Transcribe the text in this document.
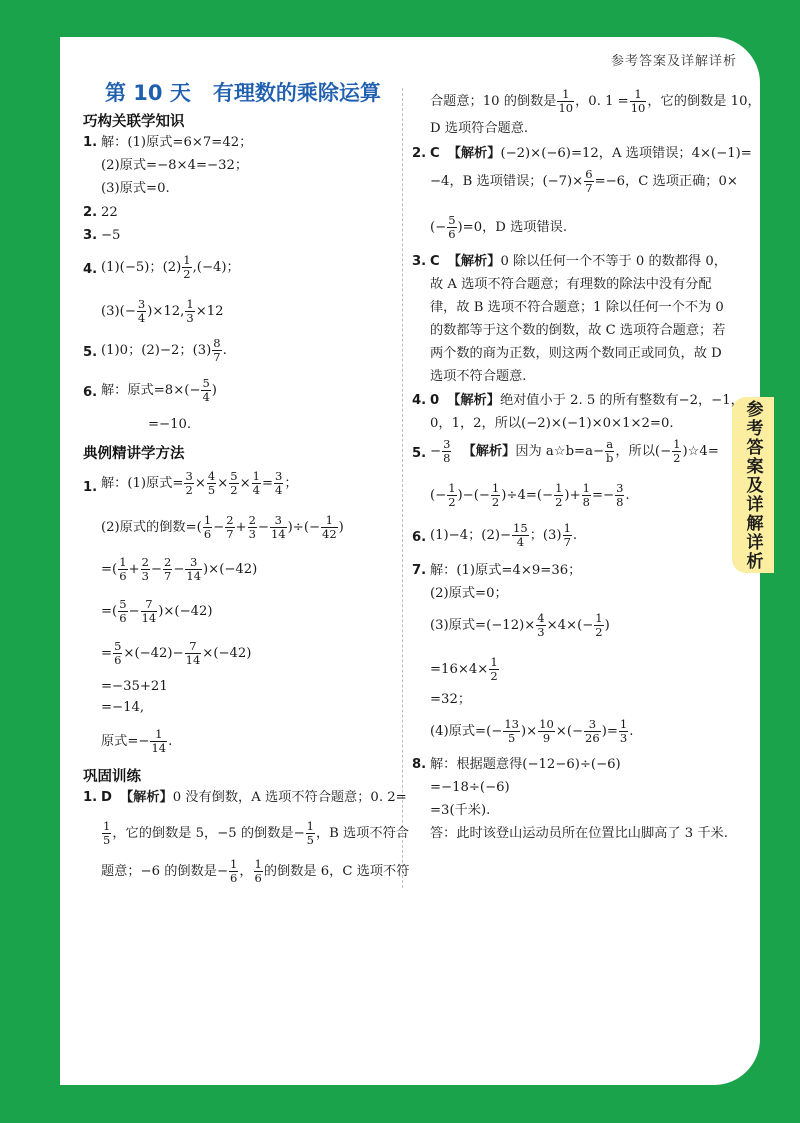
参考答案及详解详析
参考答案及详解详析
第 10 天 有理数的乘除运算
巧构关联学知识
1. 解：(1)原式=6×7=42；
(2)原式=−8×4=−32；
(3)原式=0.
2. 22
3. −5
4. (1)(−5)；$(2) \frac{1}{2} ,(-4)$；
$(3)(- \frac{3}{4} )\times 12$, $\frac{1}{3} \times 12$
5. (1)0；(2)−2；$(3) \frac{8}{7}$ .
6. 解：原式$=8\times(- \frac{5}{4}$ )
=−10.
典例精讲学方法
1. 解：(1)原式= $\frac{3}{2} \times \frac{4}{5} \times \frac{5}{2} \times \frac{1}{4} = \frac{3}{4}$ ；
(2)原式的倒数=( $\frac{1}{6} - \frac{2}{7} + \frac{2}{3} - \frac{3}{14}$ )÷(− $\frac{1}{42}$ )
=( $\frac{1}{6} + \frac{2}{3} - \frac{2}{7} - \frac{3}{14} )\times(-42)$
=( $\frac{5}{6} - \frac{7}{14} )\times(-42)$
= $\frac{5}{6} \times(-42)- \frac{7}{14} \times(-42)$
=−35+21
=−14,
原式=− $\frac{1}{14}$ .
巩固训练
1. D 【解析】0 没有倒数，A 选项不符合题意；0. 2=
$\frac{1}{5}$ ，它的倒数是 5，−5 的倒数是− $\frac{1}{5}$ ，B 选项不符合
题意；−6 的倒数是− $\frac{1}{6}$ ， $\frac{1}{6}$ 的倒数是 6，C 选项不符
合题意；10 的倒数是 $\frac{1}{10}$ ，0. $1 = \frac{1}{10}$ ，它的倒数是 10，
D 选项符合题意.
2. C 【解析】(−2)×(−6)=12，A 选项错误；4×(−1)=
−4，B 选项错误；$(-7)\times \frac{6}{7} =-6$，C 选项正确；0×
(− $\frac{5}{6} )=0$，D 选项错误.
3. C 【解析】0 除以任何一个不等于 0 的数都得 0，
故 A 选项不符合题意；有理数的除法中没有分配
律，故 B 选项不符合题意；1 除以任何一个不为 0
的数都等于这个数的倒数，故 C 选项符合题意；若
两个数的商为正数，则这两个数同正或同负，故 D
选项不符合题意.
4. 0 【解析】绝对值小于 2. 5 的所有整数有−2，−1，
0，1，2，所以(−2)×(−1)×0×1×2=0.
5. − $\frac{3}{8}$ 【解析】因为 a☆b=a− $\frac{a}{b}$ ，所以(− $\frac{1}{2}$ )☆4=
(− $\frac{1}{2}$ )−(− $\frac{1}{2} )\div 4=(- \frac{1}{2}$ )+ $\frac{1}{8} =- \frac{3}{8}$ .
6. (1)−4；$(2)- \frac{15}{4}$ ；$(3) \frac{1}{7}$ .
7. 解：(1)原式=4×9=36；
(2)原式=0；
(3)原式$=(-12)\times \frac{4}{3} \times 4\times(- \frac{1}{2}$ )
$=16\times 4\times \frac{1}{2}$
=32；
(4)原式=(− $\frac{13}{5}$ )× $\frac{10}{9}$ ×(− $\frac{3}{26}$ )= $\frac{1}{3}$ .
8. 解：根据题意得(−12−6)÷(−6)
=−18÷(−6)
=3(千米).
答：此时该登山运动员所在位置比山脚高了 3 千米.
